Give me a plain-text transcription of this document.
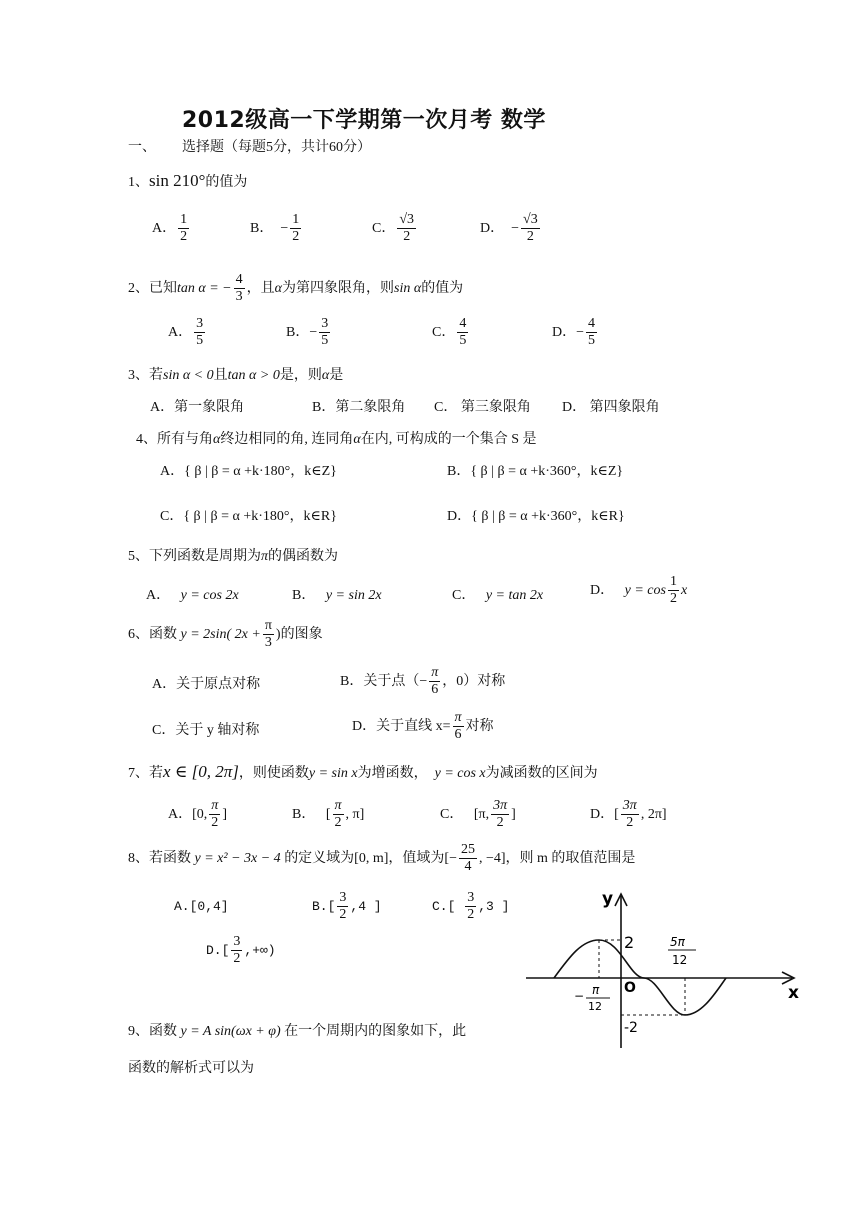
2012级高一下学期第一次月考 数学
一、 选择题（每题5分，共计60分）
1、sin 210°的值为
A． $\frac{1}{2}$	B． − $\frac{1}{2}$	C． $\frac{√3}{2}$	D． − $\frac{√3}{2}$
2、已知tan α = − $\frac{4}{3}$ ，且α为第四象限角，则sin α的值为
A． $\frac{3}{5}$	B．− $\frac{3}{5}$	C． $\frac{4}{5}$	D．− $\frac{4}{5}$
3、若sin α < 0且tan α > 0是，则α是
A．第一象限角	B．第二象限角 C． 第三象限角 D． 第四象限角
4、所有与角α终边相同的角, 连同角α在内, 可构成的一个集合 S 是
A．{ β | β = α +k·180°，k∈Z}	B．{ β | β = α +k·360°，k∈Z}
C．{ β | β = α +k·180°，k∈R}	D．{ β | β = α +k·360°，k∈R}
5、下列函数是周期为π的偶函数为
A． y = cos 2x	B． y = sin 2x	C． y = tan 2x	D． $y = \cos \frac{1}{2}$ x
6、函数 y = 2sin( $2x + \frac{\pi}{3}$ )的图象
A．关于原点对称	B．关于点（− $\frac{\pi}{6}$ ，0）对称
C．关于 y 轴对称	D．关于直线 $x= \frac{\pi}{6}$ 对称
7、若x ∈ [0, 2π]，则使函数y = sin x为增函数， y = cos x为减函数的区间为
A．[0, $\frac{\pi}{2}$ ]	B． [ $\frac{\pi}{2}$ , π]	C． [π, $\frac{3\pi}{2}$ ]	D．[ $\frac{3\pi}{2}$ , 2π]
8、若函数 y = x² − 3x − 4 的定义域为[0, m]，值域为[− $\frac{25}{4}$ , −4]，则 m 的取值范围是
A.[0,4]	$B.[ \frac{3}{2} ,4$ ]	$C.[ \frac{3}{2} ,3$ ]
$D.[ \frac{3}{2}$ ,+∞)
9、函数 y = A sin(ωx + φ) 在一个周期内的图象如下，此
函数的解析式可以为
y
x
O
2
-2
− π
12
5π
12
